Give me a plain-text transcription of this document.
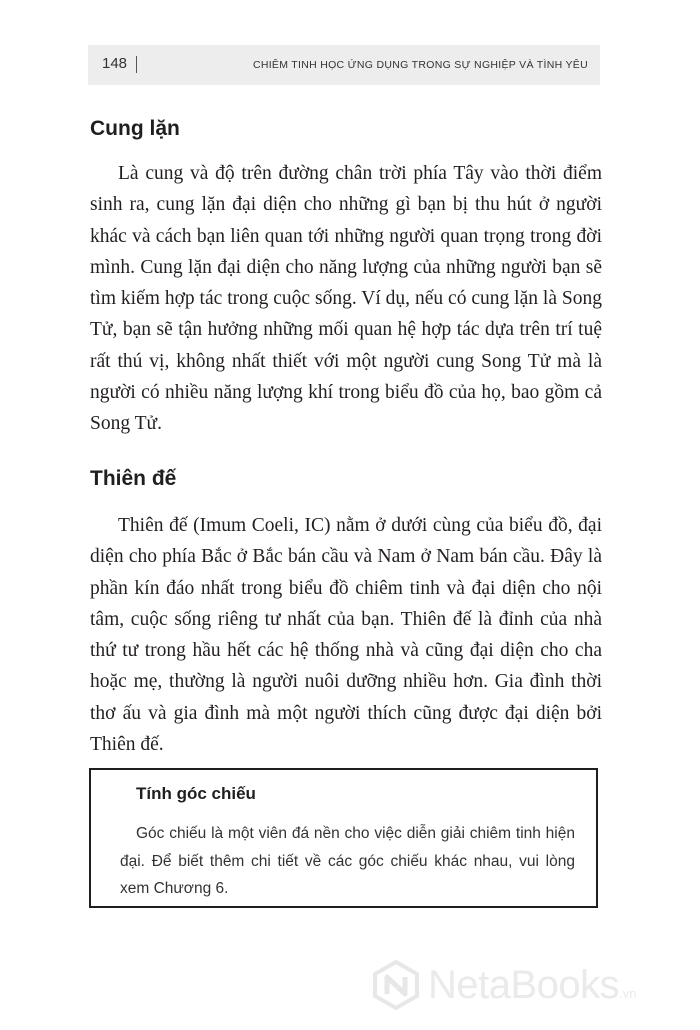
148	CHIÊM TINH HỌC ỨNG DỤNG TRONG SỰ NGHIỆP VÀ TÌNH YÊU
Cung lặn

Là cung và độ trên đường chân trời phía Tây vào thời điểm sinh ra, cung lặn đại diện cho những gì bạn bị thu hút ở người khác và cách bạn liên quan tới những người quan trọng trong đời mình. Cung lặn đại diện cho năng lượng của những người bạn sẽ tìm kiếm hợp tác trong cuộc sống. Ví dụ, nếu có cung lặn là Song Tử, bạn sẽ tận hưởng những mối quan hệ hợp tác dựa trên trí tuệ rất thú vị, không nhất thiết với một người cung Song Tử mà là người có nhiều năng lượng khí trong biểu đồ của họ, bao gồm cả Song Tử.

Thiên đế

Thiên đế (Imum Coeli, IC) nằm ở dưới cùng của biểu đồ, đại diện cho phía Bắc ở Bắc bán cầu và Nam ở Nam bán cầu. Đây là phần kín đáo nhất trong biểu đồ chiêm tinh và đại diện cho nội tâm, cuộc sống riêng tư nhất của bạn. Thiên đế là đỉnh của nhà thứ tư trong hầu hết các hệ thống nhà và cũng đại diện cho cha hoặc mẹ, thường là người nuôi dưỡng nhiều hơn. Gia đình thời thơ ấu và gia đình mà một người thích cũng được đại diện bởi Thiên đế.

Tính góc chiếu

Góc chiếu là một viên đá nền cho việc diễn giải chiêm tinh hiện đại. Để biết thêm chi tiết về các góc chiếu khác nhau, vui lòng xem Chương 6.

NetaBooks .vn
